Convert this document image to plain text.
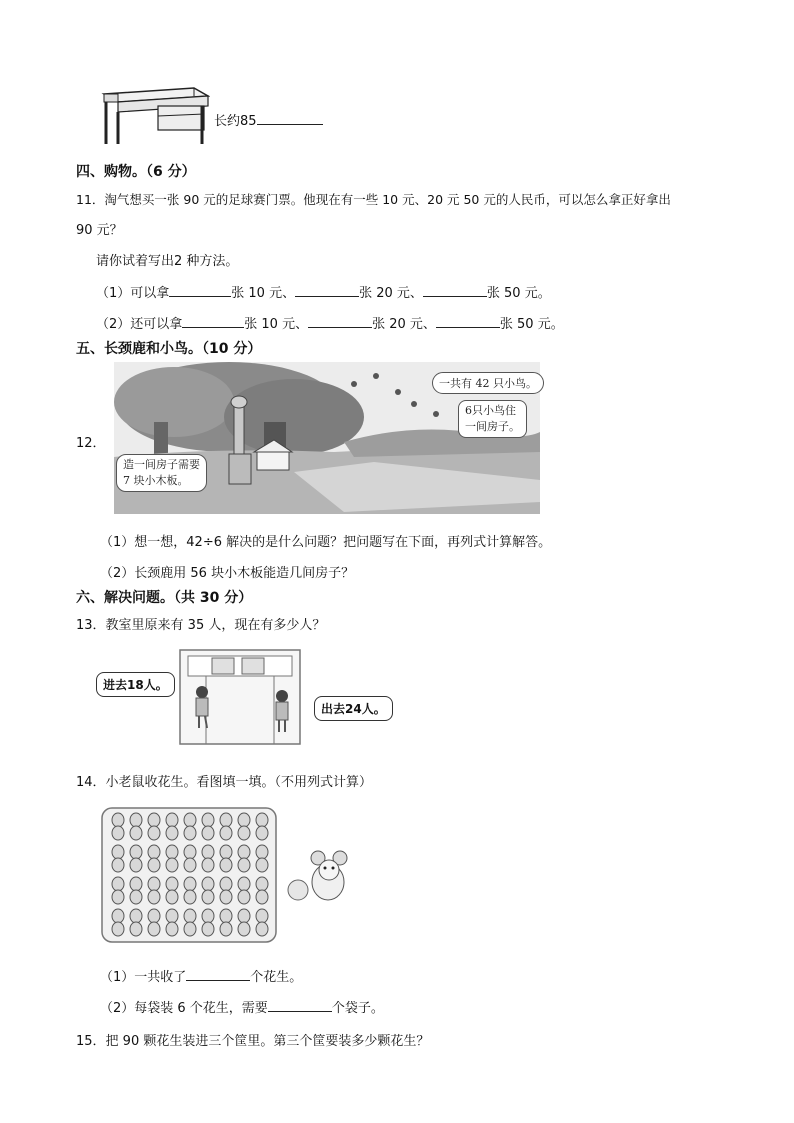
长约85
四、购物。（6 分）
11．淘气想买一张 90 元的足球赛门票。他现在有一些 10 元、20 元 50 元的人民币，可以怎么拿正好拿出
90 元？
请你试着写出2 种方法。
（1）可以拿	张 10 元、	张 20 元、	张 50 元。
（2）还可以拿	张 10 元、	张 20 元、	张 50 元。
五、长颈鹿和小鸟。（10 分）
12．
一共有 42 只小鸟。
6只小鸟住
一间房子。
造一间房子需要
7 块小木板。
（1）想一想，42÷6 解决的是什么问题？把问题写在下面，再列式计算解答。
（2）长颈鹿用 56 块小木板能造几间房子？
六、解决问题。（共 30 分）
13．教室里原来有 35 人，现在有多少人？
进去18人。
出去24人。
14．小老鼠收花生。看图填一填。（不用列式计算）
（1）一共收了	个花生。
（2）每袋装 6 个花生，需要	个袋子。
15．把 90 颗花生装进三个筐里。第三个筐要装多少颗花生？
